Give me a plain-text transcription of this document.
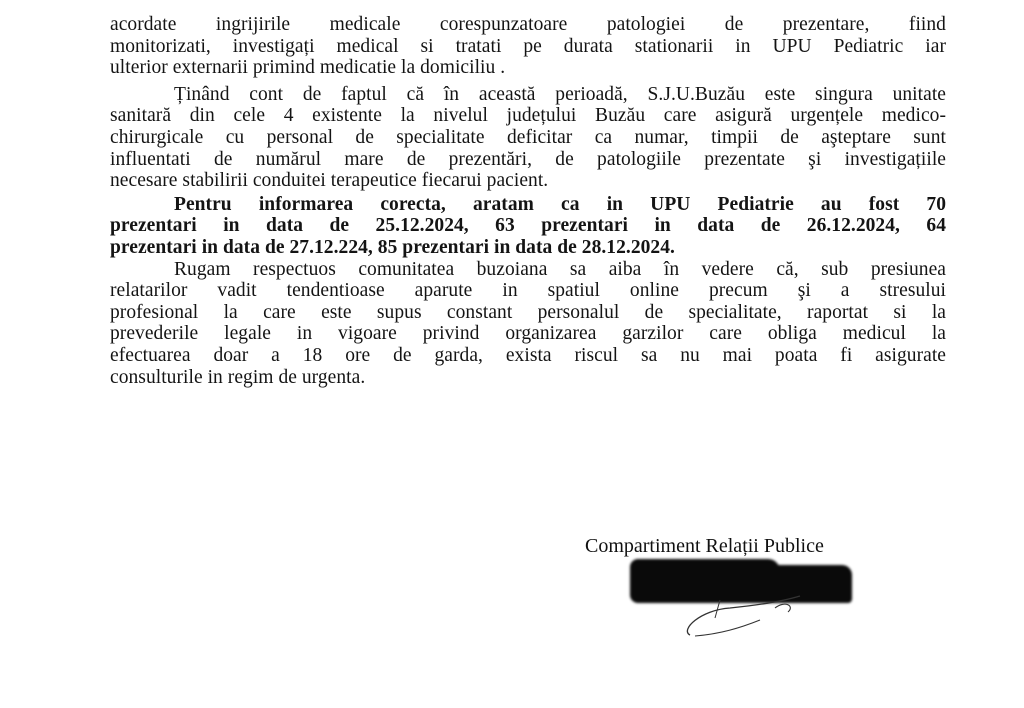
acordate ingrijirile medicale corespunzatoare patologiei de prezentare, fiind
monitorizati, investigați medical si tratati pe durata stationarii in UPU Pediatric iar
ulterior externarii primind medicatie la domiciliu .
Ținând cont de faptul că în această perioadă, S.J.U.Buzău este singura unitate
sanitară din cele 4 existente la nivelul județului Buzău care asigură urgențele medico-
chirurgicale cu personal de specialitate deficitar ca numar, timpii de aşteptare sunt
influentati de numărul mare de prezentări, de patologiile prezentate şi investigațiile
necesare stabilirii conduitei terapeutice fiecarui pacient.
Pentru informarea corecta, aratam ca in UPU Pediatrie au fost 70
prezentari in data de 25.12.2024, 63 prezentari in data de 26.12.2024, 64
prezentari in data de 27.12.224, 85 prezentari in data de 28.12.2024.
Rugam respectuos comunitatea buzoiana sa aiba în vedere că, sub presiunea
relatarilor vadit tendentioase aparute in spatiul online precum şi a stresului
profesional la care este supus constant personalul de specialitate, raportat si la
prevederile legale in vigoare privind organizarea garzilor care obliga medicul la
efectuarea doar a 18 ore de garda, exista riscul sa nu mai poata fi asigurate
consulturile in regim de urgenta.
Compartiment Relații Publice
